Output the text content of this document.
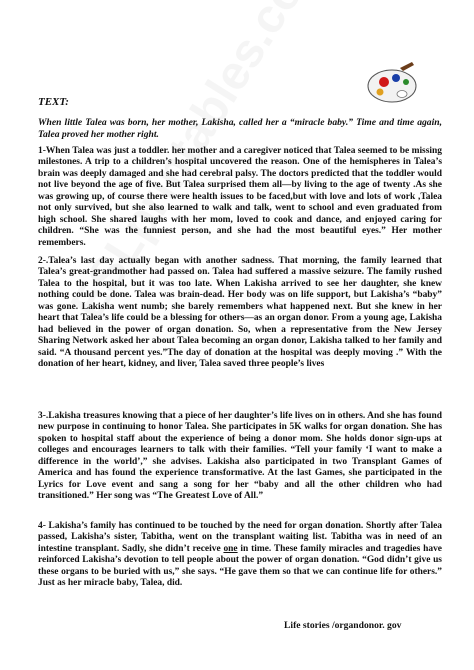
TEXT:

When little Talea was born, her mother, Lakisha, called her a “miracle baby.” Time and time again, Talea proved her mother right.

1-When Talea was just a toddler. her mother and a caregiver noticed that Talea seemed to be missing milestones. A trip to a children’s hospital uncovered the reason. One of the hemispheres in Talea’s brain was deeply damaged and she had cerebral palsy. The doctors predicted that the toddler would not live beyond the age of five. But Talea surprised them all—by living to the age of twenty .As she was growing up, of course there were health issues to be faced,but with love and lots of work ,Talea not only survived, but she also learned to walk and talk, went to school and even graduated from high school. She shared laughs with her mom, loved to cook and dance, and enjoyed caring for children. “She was the funniest person, and she had the most beautiful eyes.” Her mother remembers.

2-.Talea’s last day actually began with another sadness. That morning, the family learned that Talea’s great-grandmother had passed on. Talea had suffered a massive seizure. The family rushed Talea to the hospital, but it was too late. When Lakisha arrived to see her daughter, she knew nothing could be done. Talea was brain-dead. Her body was on life support, but Lakisha’s “baby” was gone. Lakisha went numb; she barely remembers what happened next. But she knew in her heart that Talea’s life could be a blessing for others—as an organ donor. From a young age, Lakisha had believed in the power of organ donation. So, when a representative from the New Jersey Sharing Network asked her about Talea becoming an organ donor, Lakisha talked to her family and said. “A thousand percent yes.”The day of donation at the hospital was deeply moving .” With the donation of her heart, kidney, and liver, Talea saved three people’s lives

3-.Lakisha treasures knowing that a piece of her daughter’s life lives on in others. And she has found new purpose in continuing to honor Talea. She participates in 5K walks for organ donation. She has spoken to hospital staff about the experience of being a donor mom. She holds donor sign-ups at colleges and encourages learners to talk with their families. “Tell your family ‘I want to make a difference in the world’,” she advises. Lakisha also participated in two Transplant Games of America and has found the experience transformative. At the last Games, she participated in the Lyrics for Love event and sang a song for her “baby and all the other children who had transitioned.” Her song was “The Greatest Love of All.”

4- Lakisha’s family has continued to be touched by the need for organ donation. Shortly after Talea passed, Lakisha’s sister, Tabitha, went on the transplant waiting list. Tabitha was in need of an intestine transplant. Sadly, she didn’t receive one in time. These family miracles and tragedies have reinforced Lakisha’s devotion to tell people about the power of organ donation. “God didn’t give us these organs to be buried with us,” she says. “He gave them so that we can continue life for others.” Just as her miracle baby, Talea, did.

Life stories /organdonor. gov
